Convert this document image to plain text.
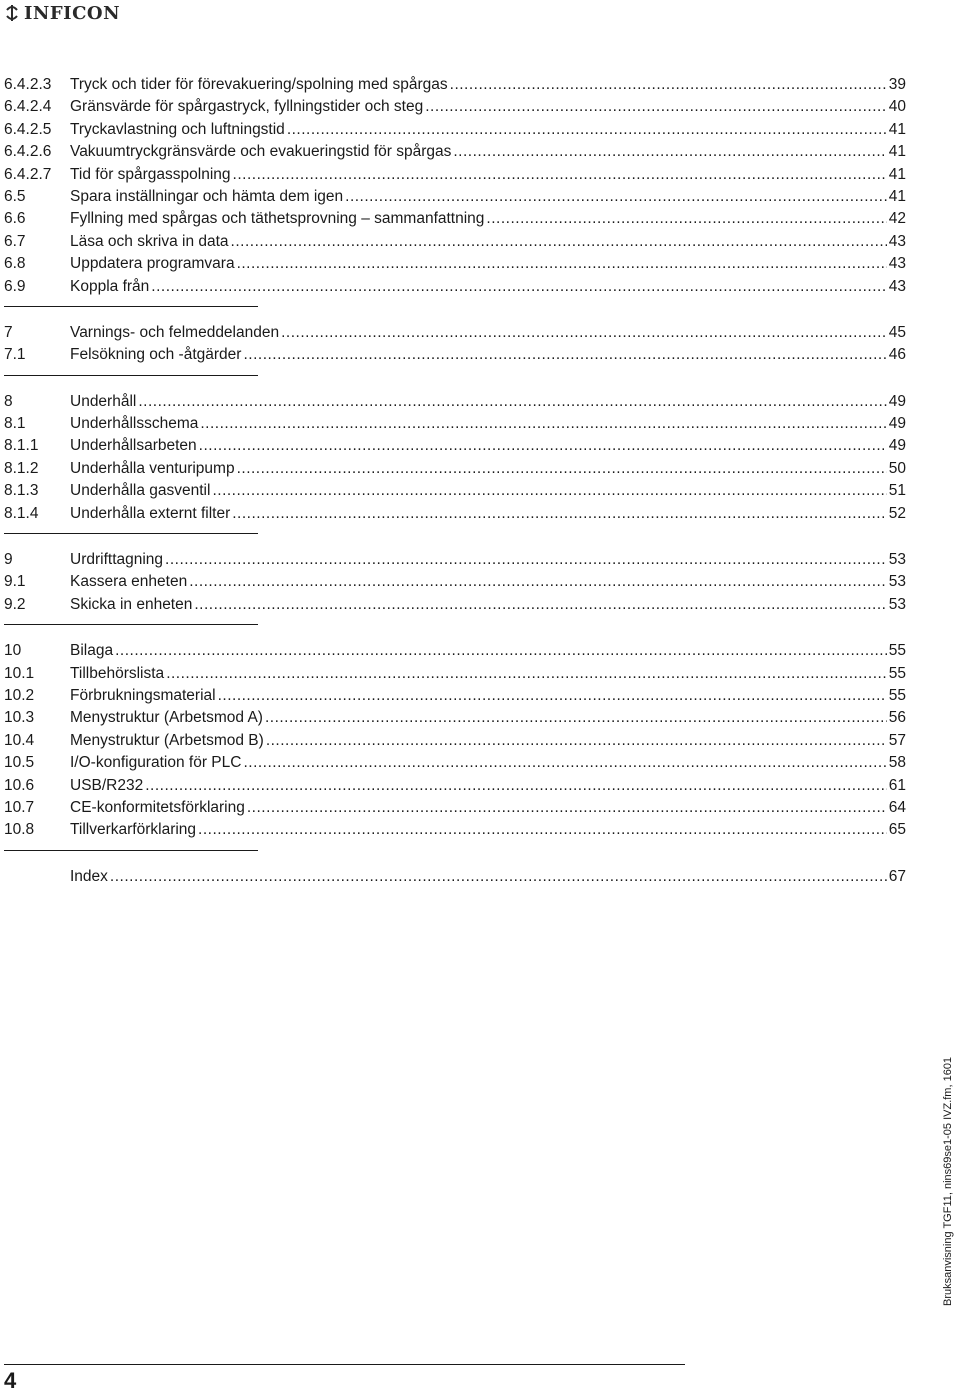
INFICON
6.4.2.3 Tryck och tider för förevakuering/spolning med spårgas .....	39
6.4.2.4 Gränsvärde för spårgastryck, fyllningstider och steg .....	40
6.4.2.5 Tryckavlastning och luftningstid .....	41
6.4.2.6 Vakuumtryckgränsvärde och evakueringstid för spårgas .....	41
6.4.2.7 Tid för spårgasspolning .....	41
6.5	Spara inställningar och hämta dem igen .....	41
6.6	Fyllning med spårgas och täthetsprovning – sammanfattning .....	42
6.7	Läsa och skriva in data .....	43
6.8	Uppdatera programvara .....	43
6.9	Koppla från .....	43
7	Varnings- och felmeddelanden .....	45
7.1	Felsökning och -åtgärder .....	46
8	Underhåll .....	49
8.1	Underhållsschema .....	49
8.1.1 Underhållsarbeten .....	49
8.1.2 Underhålla venturipump .....	50
8.1.3 Underhålla gasventil .....	51
8.1.4 Underhålla externt filter .....	52
9	Urdrifttagning .....	53
9.1	Kassera enheten .....	53
9.2	Skicka in enheten .....	53
10	Bilaga .....	55
10.1 Tillbehörslista .....	55
10.2 Förbrukningsmaterial .....	55
10.3 Menystruktur (Arbetsmod A) .....	56
10.4 Menystruktur (Arbetsmod B) .....	57
10.5 I/O-konfiguration för PLC .....	58
10.6 USB/R232 .....	61
10.7 CE-konformitetsförklaring .....	64
10.8 Tillverkarförklaring .....	65
Index .....	67
Bruksanvisning TGF11, nins69se1-05 IVZ.fm, 1601
4
